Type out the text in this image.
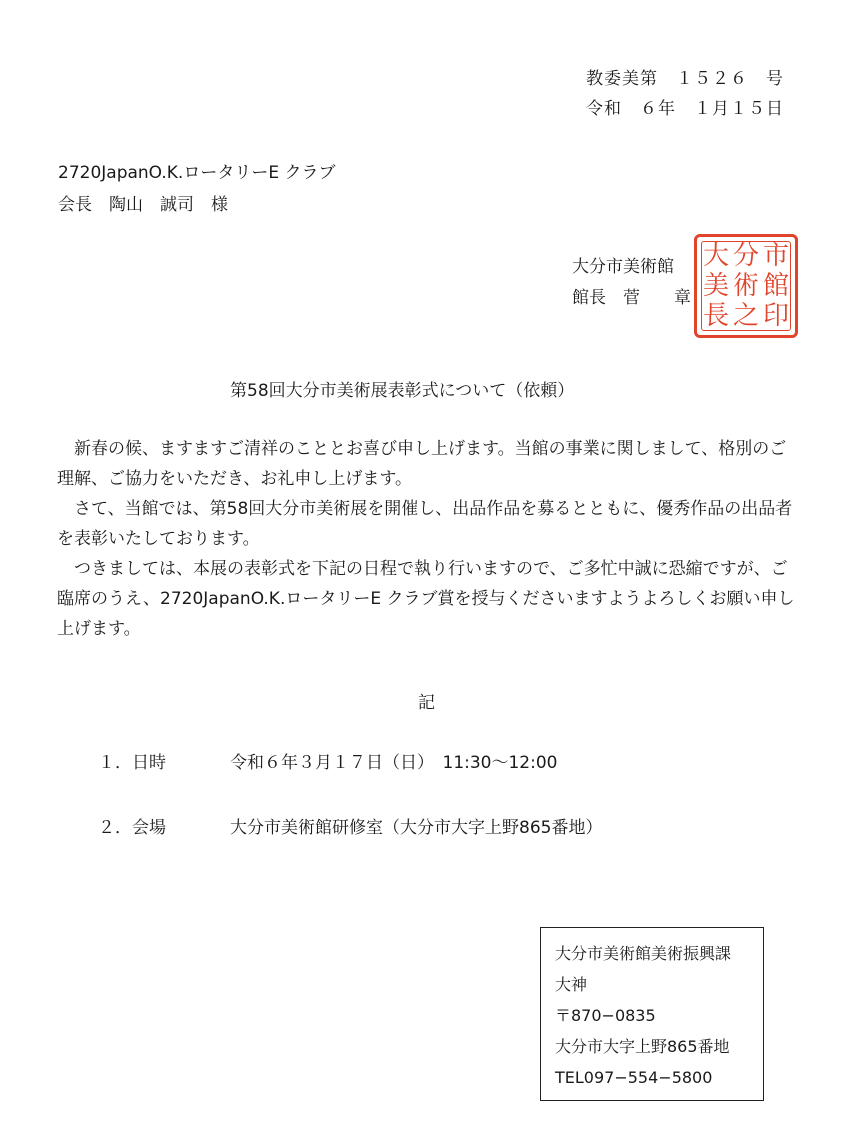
教委美第　１５２６　号
令和　６年　１月１５日
2720JapanO.K.ロータリーE クラブ
会長　陶山　誠司　様
大分市美術館
館長　菅　　章
大 分 市
美 術 館
長 之 印
第58回大分市美術展表彰式について（依頼）

新春の候、ますますご清祥のこととお喜び申し上げます。当館の事業に関しまして、格別のご理解、ご協力をいただき、お礼申し上げます。

さて、当館では、第58回大分市美術展を開催し、出品作品を募るとともに、優秀作品の出品者を表彰いたしております。

つきましては、本展の表彰式を下記の日程で執り行いますので、ご多忙中誠に恐縮ですが、ご臨席のうえ、2720JapanO.K.ロータリーE クラブ賞を授与くださいますようよろしくお願い申し上げます。

記
１．日時	令和６年３月１７日（日）　11:30～12:00
２．会場	大分市美術館研修室（大分市大字上野865番地）
大分市美術館美術振興課
大神
〒870−0835
大分市大字上野865番地
TEL097−554−5800
